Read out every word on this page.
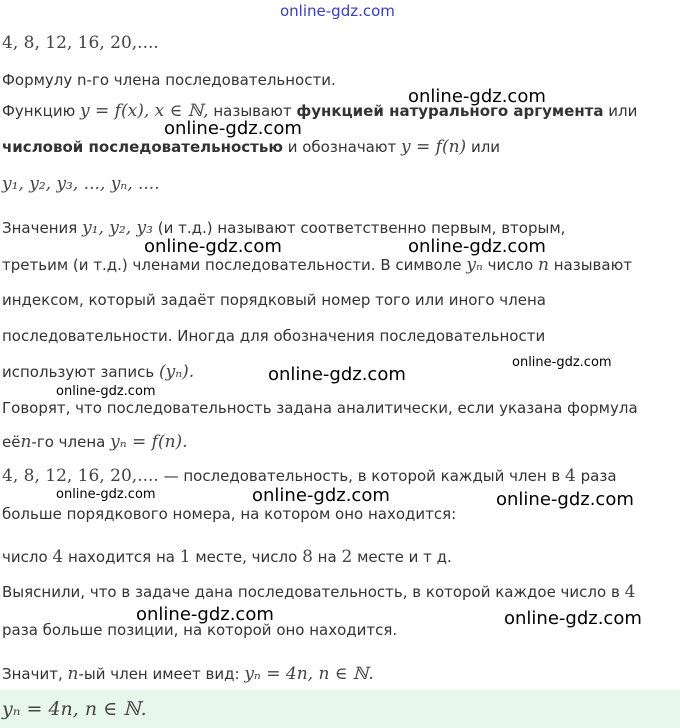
online-gdz.com
online-gdz.com
online-gdz.com
online-gdz.com	online-gdz.com
online-gdz.com
online-gdz.com
online-gdz.com
online-gdz.com	online-gdz.com	online-gdz.com
online-gdz.com	online-gdz.com
4, 8, 12, 16, 20,....
Формулу n-го члена последовательности.
Функцию y = f(x), x ∈ ℕ, называют функцией натурального аргумента или
числовой последовательностью и обозначают y = f(n) или
y₁, y₂, y₃, ..., yₙ, ....
Значения y₁, y₂, y₃ (и т.д.) называют соответственно первым, вторым,
третьим (и т.д.) членами последовательности. В символе yₙ число n называют
индексом, который задаёт порядковый номер того или иного члена
последовательности. Иногда для обозначения последовательности
используют запись (yₙ).
Говорят, что последовательность задана аналитически, если указана формула
еёn-го члена yₙ = f(n).
4, 8, 12, 16, 20,.... — последовательность, в которой каждый член в 4 раза
больше порядкового номера, на котором оно находится:
число 4 находится на 1 месте, число 8 на 2 месте и т д.
Выяснили, что в задаче дана последовательность, в которой каждое число в 4
раза больше позиции, на которой оно находится.
Значит, n-ый член имеет вид: yₙ = 4n, n ∈ ℕ.
yₙ = 4n, n ∈ ℕ.
